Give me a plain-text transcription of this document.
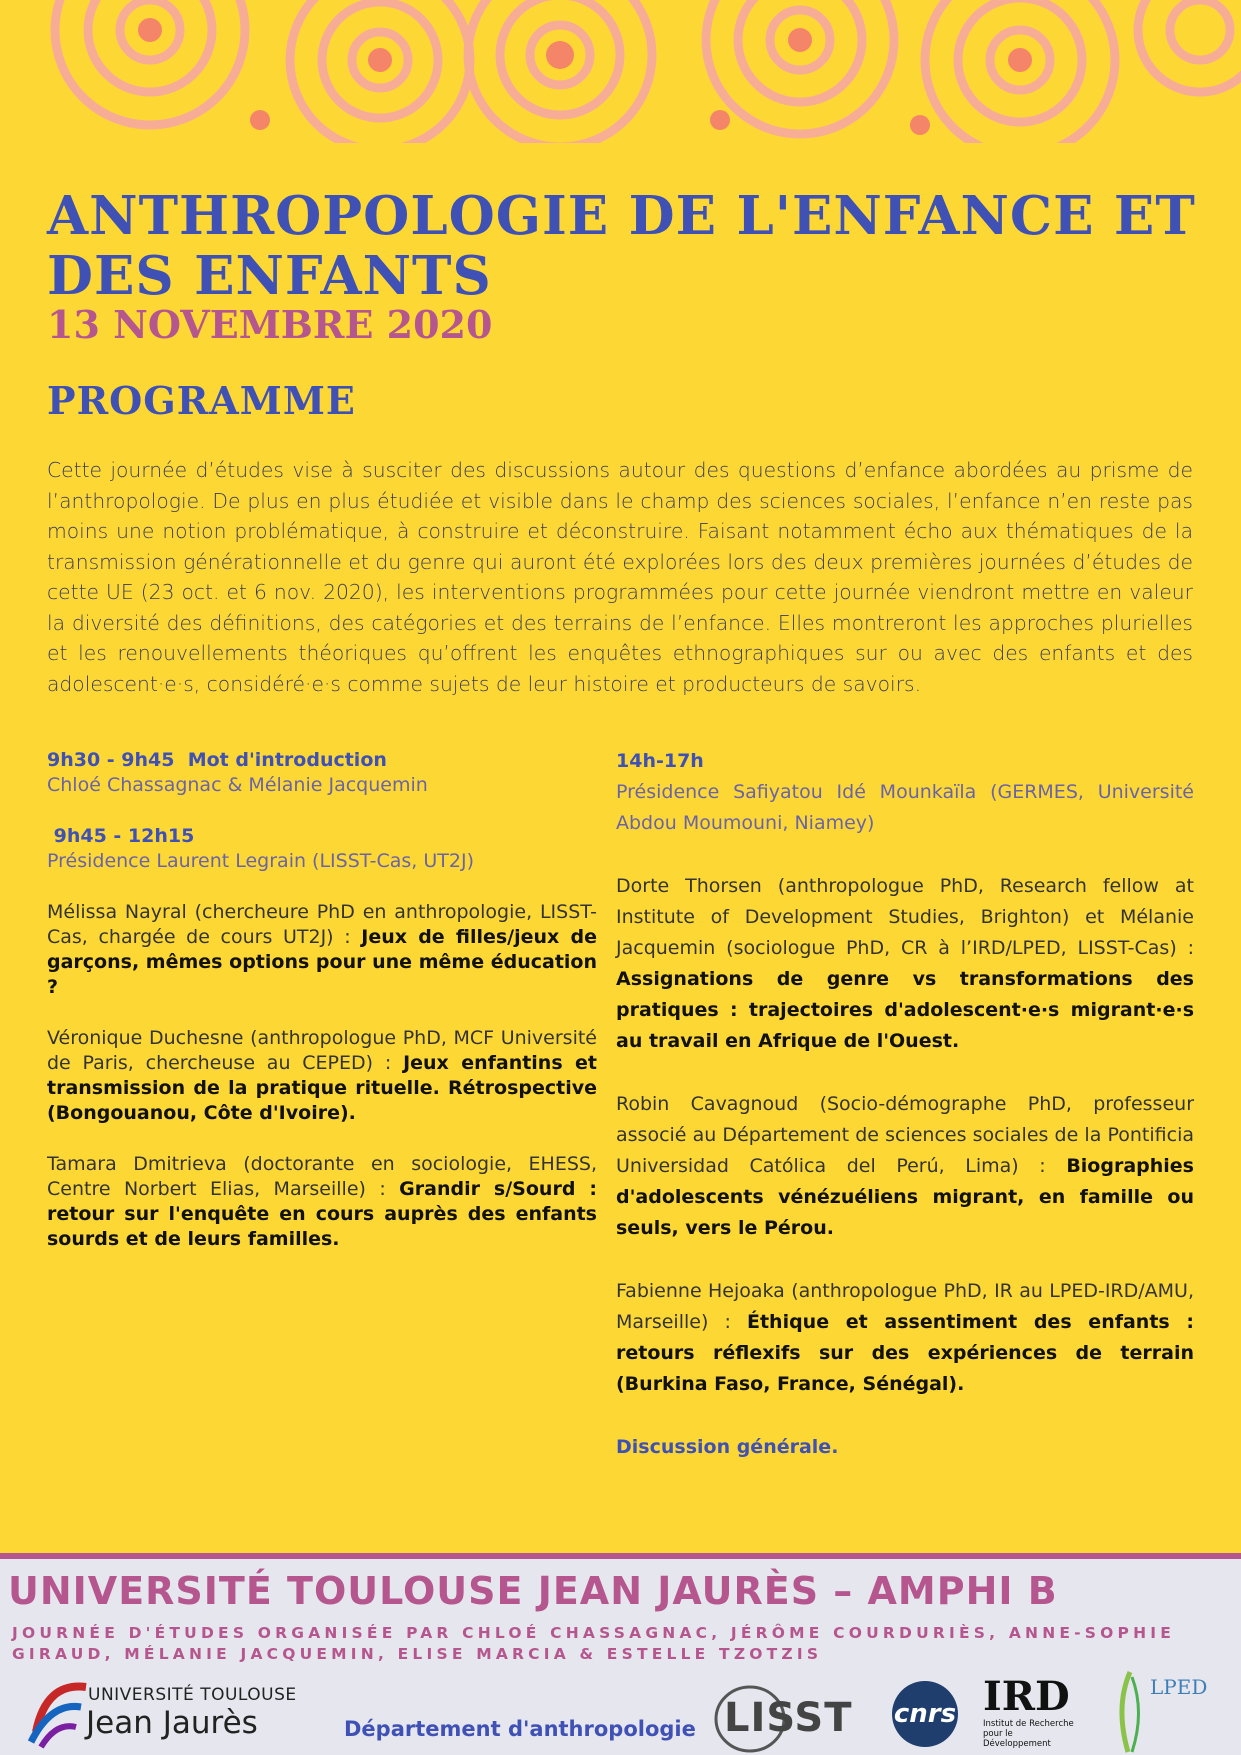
ANTHROPOLOGIE DE L'ENFANCE ET
DES ENFANTS
13 NOVEMBRE 2020
PROGRAMME

Cette journée d’études vise à susciter des discussions autour des questions d’enfance abordées au prisme de l’anthropologie. De plus en plus étudiée et visible dans le champ des sciences sociales, l’enfance n’en reste pas moins une notion problématique, à construire et déconstruire. Faisant notamment écho aux thématiques de la transmission générationnelle et du genre qui auront été explorées lors des deux premières journées d’études de cette UE (23 oct. et 6 nov. 2020), les interventions programmées pour cette journée viendront mettre en valeur la diversité des définitions, des catégories et des terrains de l’enfance. Elles montreront les approches plurielles et les renouvellements théoriques qu’offrent les enquêtes ethnographiques sur ou avec des enfants et des adolescent·e·s, considéré·e·s comme sujets de leur histoire et producteurs de savoirs.

9h30 - 9h45  Mot d'introduction
Chloé Chassagnac & Mélanie Jacquemin
9h45 - 12h15
Présidence Laurent Legrain (LISST-Cas, UT2J)

Mélissa Nayral (chercheure PhD en anthropologie, LISST-Cas, chargée de cours UT2J) : Jeux de filles/jeux de garçons, mêmes options pour une même éducation ?

Véronique Duchesne (anthropologue PhD, MCF Université de Paris, chercheuse au CEPED) : Jeux enfantins et transmission de la pratique rituelle. Rétrospective (Bongouanou, Côte d'Ivoire).

Tamara Dmitrieva (doctorante en sociologie, EHESS, Centre Norbert Elias, Marseille) : Grandir s/Sourd : retour sur l'enquête en cours auprès des enfants sourds et de leurs familles.

14h-17h
Présidence Safiyatou Idé Mounkaïla (GERMES, Université Abdou Moumouni, Niamey)

Dorte Thorsen (anthropologue PhD, Research fellow at Institute of Development Studies, Brighton) et Mélanie Jacquemin (sociologue PhD, CR à l’IRD/LPED, LISST-Cas) : Assignations de genre vs transformations des pratiques : trajectoires d'adolescent·e·s migrant·e·s au travail en Afrique de l'Ouest.

Robin Cavagnoud (Socio-démographe PhD, professeur associé au Département de sciences sociales de la Pontificia Universidad Católica del Perú, Lima) : Biographies d'adolescents vénézuéliens migrant, en famille ou seuls, vers le Pérou.

Fabienne Hejoaka (anthropologue PhD, IR au LPED-IRD/AMU, Marseille) : Éthique et assentiment des enfants : retours réflexifs sur des expériences de terrain (Burkina Faso, France, Sénégal).

Discussion générale.
UNIVERSITÉ TOULOUSE JEAN JAURÈS – AMPHI B
JOURNÉE D'ÉTUDES ORGANISÉE PAR CHLOÉ CHASSAGNAC, JÉRÔME COURDURIÈS, ANNE-SOPHIE GIRAUD, MÉLANIE JACQUEMIN, ELISE MARCIA & ESTELLE TZOTZIS
UNIVERSITÉ TOULOUSE
Jean Jaurès	Département d'anthropologie LISST cnrs IRD
Institut de Recherche pour le Développement
LPED
